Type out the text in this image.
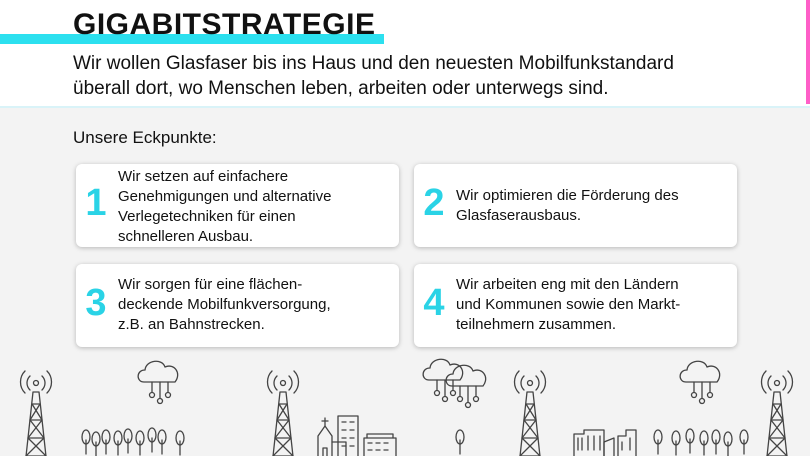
GIGABITSTRATEGIE

Wir wollen Glasfaser bis ins Haus und den neuesten Mobilfunkstandard
überall dort, wo Menschen leben, arbeiten oder unterwegs sind.

Unsere Eckpunkte:

1
Wir setzen auf einfachere
Genehmigungen und alternative
Verlegetechniken für einen
schnelleren Ausbau.
2 Wir optimieren die Förderung des
Glasfaserausbaus.
3 Wir sorgen für eine flächen-
deckende Mobilfunkversorgung,
z.B. an Bahnstrecken.
4 Wir arbeiten eng mit den Ländern
und Kommunen sowie den Markt-
teilnehmern zusammen.
